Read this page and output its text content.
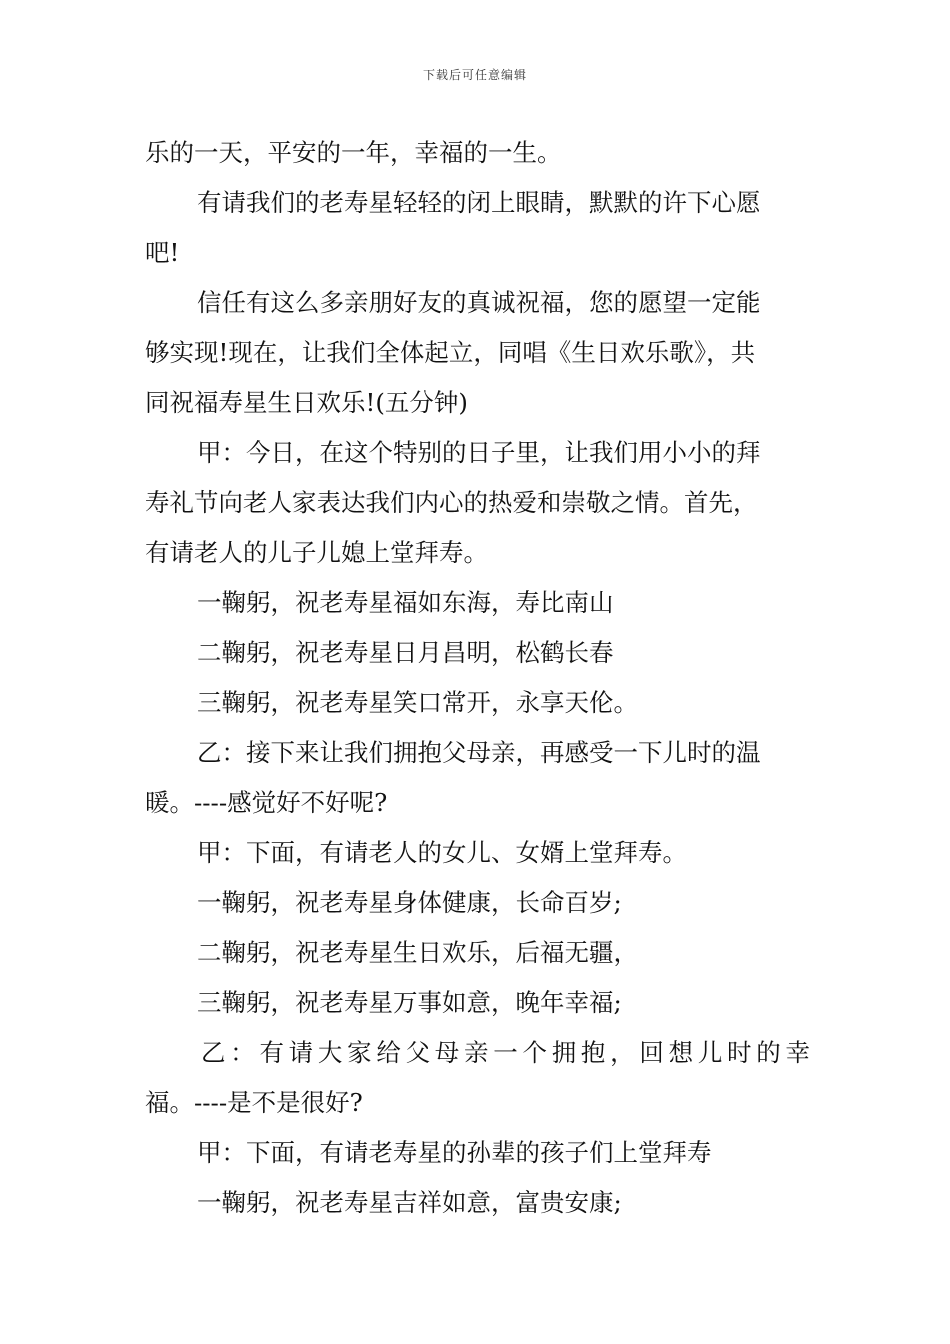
下载后可任意编辑
乐的一天，平安的一年，幸福的一生。
有请我们的老寿星轻轻的闭上眼睛，默默的许下心愿
吧!
信任有这么多亲朋好友的真诚祝福，您的愿望一定能
够实现!现在，让我们全体起立，同唱《生日欢乐歌》，共
同祝福寿星生日欢乐!(五分钟)
甲：今日，在这个特别的日子里，让我们用小小的拜
寿礼节向老人家表达我们内心的热爱和崇敬之情。首先，
有请老人的儿子儿媳上堂拜寿。
一鞠躬，祝老寿星福如东海，寿比南山
二鞠躬，祝老寿星日月昌明，松鹤长春
三鞠躬，祝老寿星笑口常开，永享天伦。
乙：接下来让我们拥抱父母亲，再感受一下儿时的温
暖。----感觉好不好呢?
甲：下面，有请老人的女儿、女婿上堂拜寿。
一鞠躬，祝老寿星身体健康，长命百岁;
二鞠躬，祝老寿星生日欢乐，后福无疆，
三鞠躬，祝老寿星万事如意，晚年幸福;
乙：有请大家给父母亲一个拥抱，回想儿时的幸
福。----是不是很好?
甲：下面，有请老寿星的孙辈的孩子们上堂拜寿
一鞠躬，祝老寿星吉祥如意，富贵安康;
